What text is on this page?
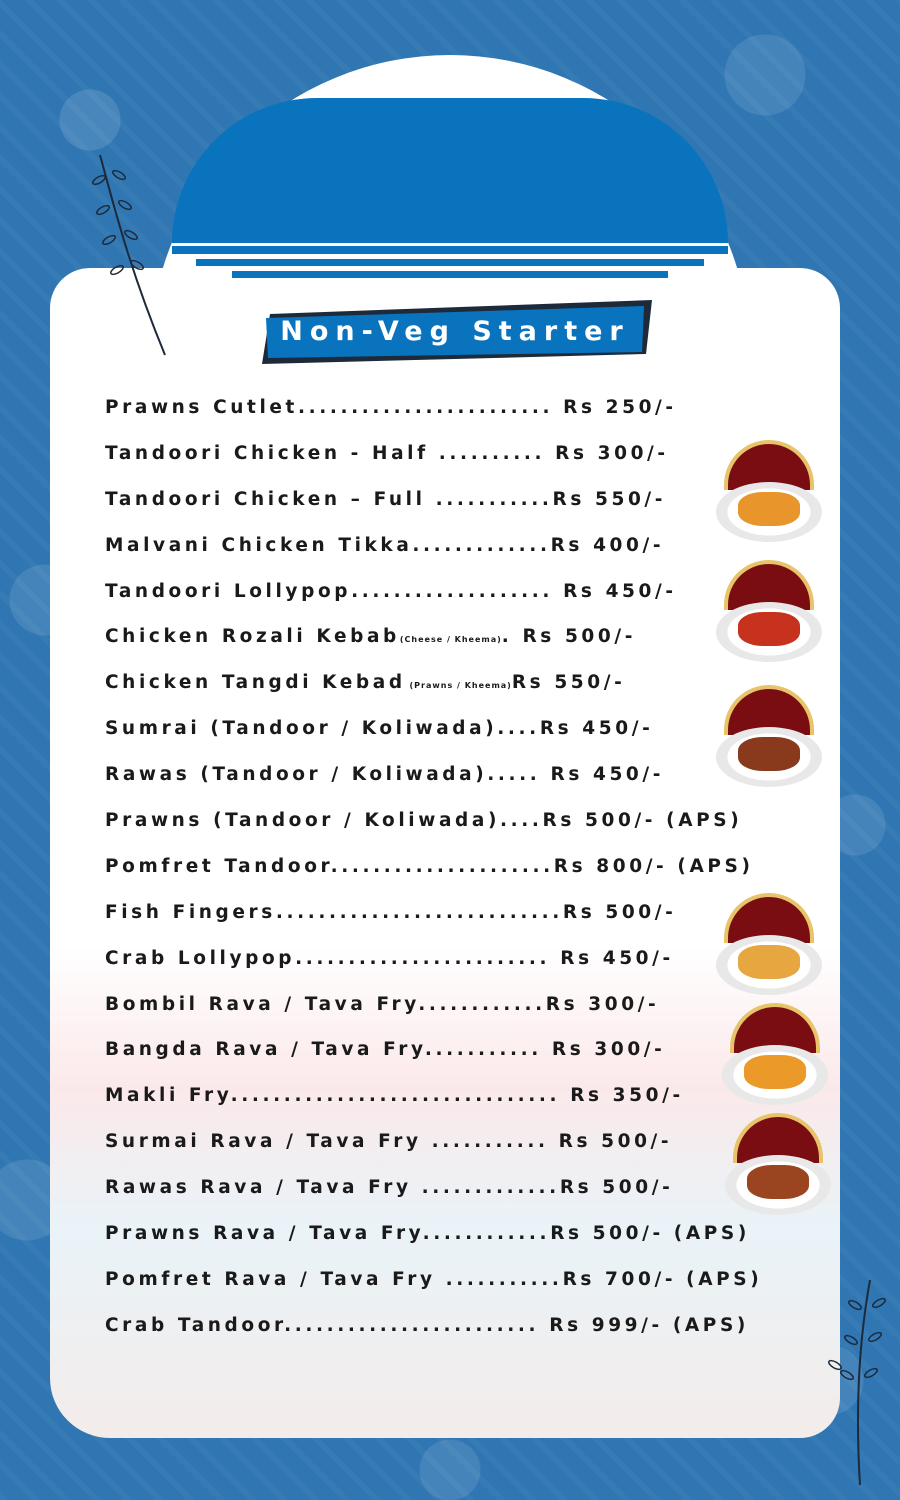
Non-Veg Starter
Prawns Cutlet........................ Rs 250/-
Tandoori Chicken - Half .......... Rs 300/-
Tandoori Chicken – Full ...........Rs 550/-
Malvani Chicken Tikka.............Rs 400/-
Tandoori Lollypop................... Rs 450/-
Chicken Rozali Kebab(Cheese / Kheema). Rs 500/-
Chicken Tangdi Kebad (Prawns / Kheema)Rs 550/-
Sumrai (Tandoor / Koliwada)....Rs 450/-
Rawas (Tandoor / Koliwada)..... Rs 450/-
Prawns (Tandoor / Koliwada)....Rs 500/- (APS)
Pomfret Tandoor.....................Rs 800/- (APS)
Fish Fingers...........................Rs 500/-
Crab Lollypop........................ Rs 450/-
Bombil Rava / Tava Fry............Rs 300/-
Bangda Rava / Tava Fry........... Rs 300/-
Makli Fry............................... Rs 350/-
Surmai Rava / Tava Fry ........... Rs 500/-
Rawas Rava / Tava Fry .............Rs 500/-
Prawns Rava / Tava Fry............Rs 500/- (APS)
Pomfret Rava / Tava Fry ...........Rs 700/- (APS)
Crab Tandoor........................ Rs 999/- (APS)
